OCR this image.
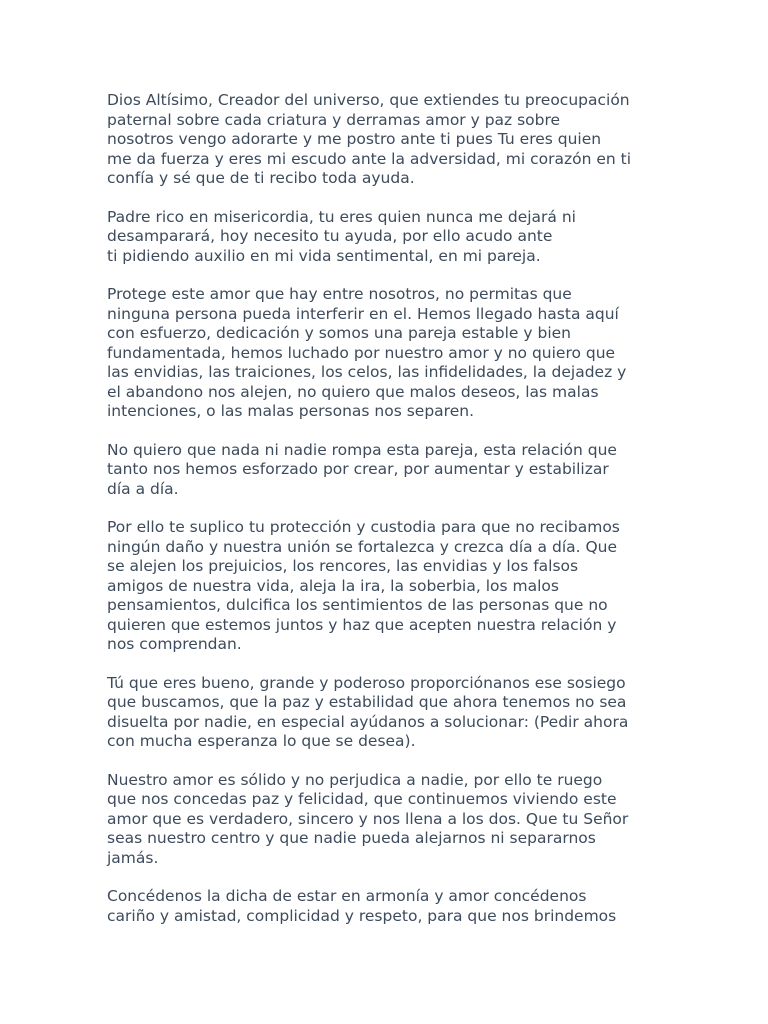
Dios Altísimo, Creador del universo, que extiendes tu preocupación
paternal sobre cada criatura y derramas amor y paz sobre
nosotros vengo adorarte y me postro ante ti pues Tu eres quien
me da fuerza y eres mi escudo ante la adversidad, mi corazón en ti
confía y sé que de ti recibo toda ayuda.

Padre rico en misericordia, tu eres quien nunca me dejará ni
desamparará, hoy necesito tu ayuda, por ello acudo ante
ti pidiendo auxilio en mi vida sentimental, en mi pareja.

Protege este amor que hay entre nosotros, no permitas que
ninguna persona pueda interferir en el. Hemos llegado hasta aquí
con esfuerzo, dedicación y somos una pareja estable y bien
fundamentada, hemos luchado por nuestro amor y no quiero que
las envidias, las traiciones, los celos, las infidelidades, la dejadez y
el abandono nos alejen, no quiero que malos deseos, las malas
intenciones, o las malas personas nos separen.

No quiero que nada ni nadie rompa esta pareja, esta relación que
tanto nos hemos esforzado por crear, por aumentar y estabilizar
día a día.

Por ello te suplico tu protección y custodia para que no recibamos
ningún daño y nuestra unión se fortalezca y crezca día a día. Que
se alejen los prejuicios, los rencores, las envidias y los falsos
amigos de nuestra vida, aleja la ira, la soberbia, los malos
pensamientos, dulcifica los sentimientos de las personas que no
quieren que estemos juntos y haz que acepten nuestra relación y
nos comprendan.

Tú que eres bueno, grande y poderoso proporciónanos ese sosiego
que buscamos, que la paz y estabilidad que ahora tenemos no sea
disuelta por nadie, en especial ayúdanos a solucionar: (Pedir ahora
con mucha esperanza lo que se desea).

Nuestro amor es sólido y no perjudica a nadie, por ello te ruego
que nos concedas paz y felicidad, que continuemos viviendo este
amor que es verdadero, sincero y nos llena a los dos. Que tu Señor
seas nuestro centro y que nadie pueda alejarnos ni separarnos
jamás.

Concédenos la dicha de estar en armonía y amor concédenos
cariño y amistad, complicidad y respeto, para que nos brindemos
